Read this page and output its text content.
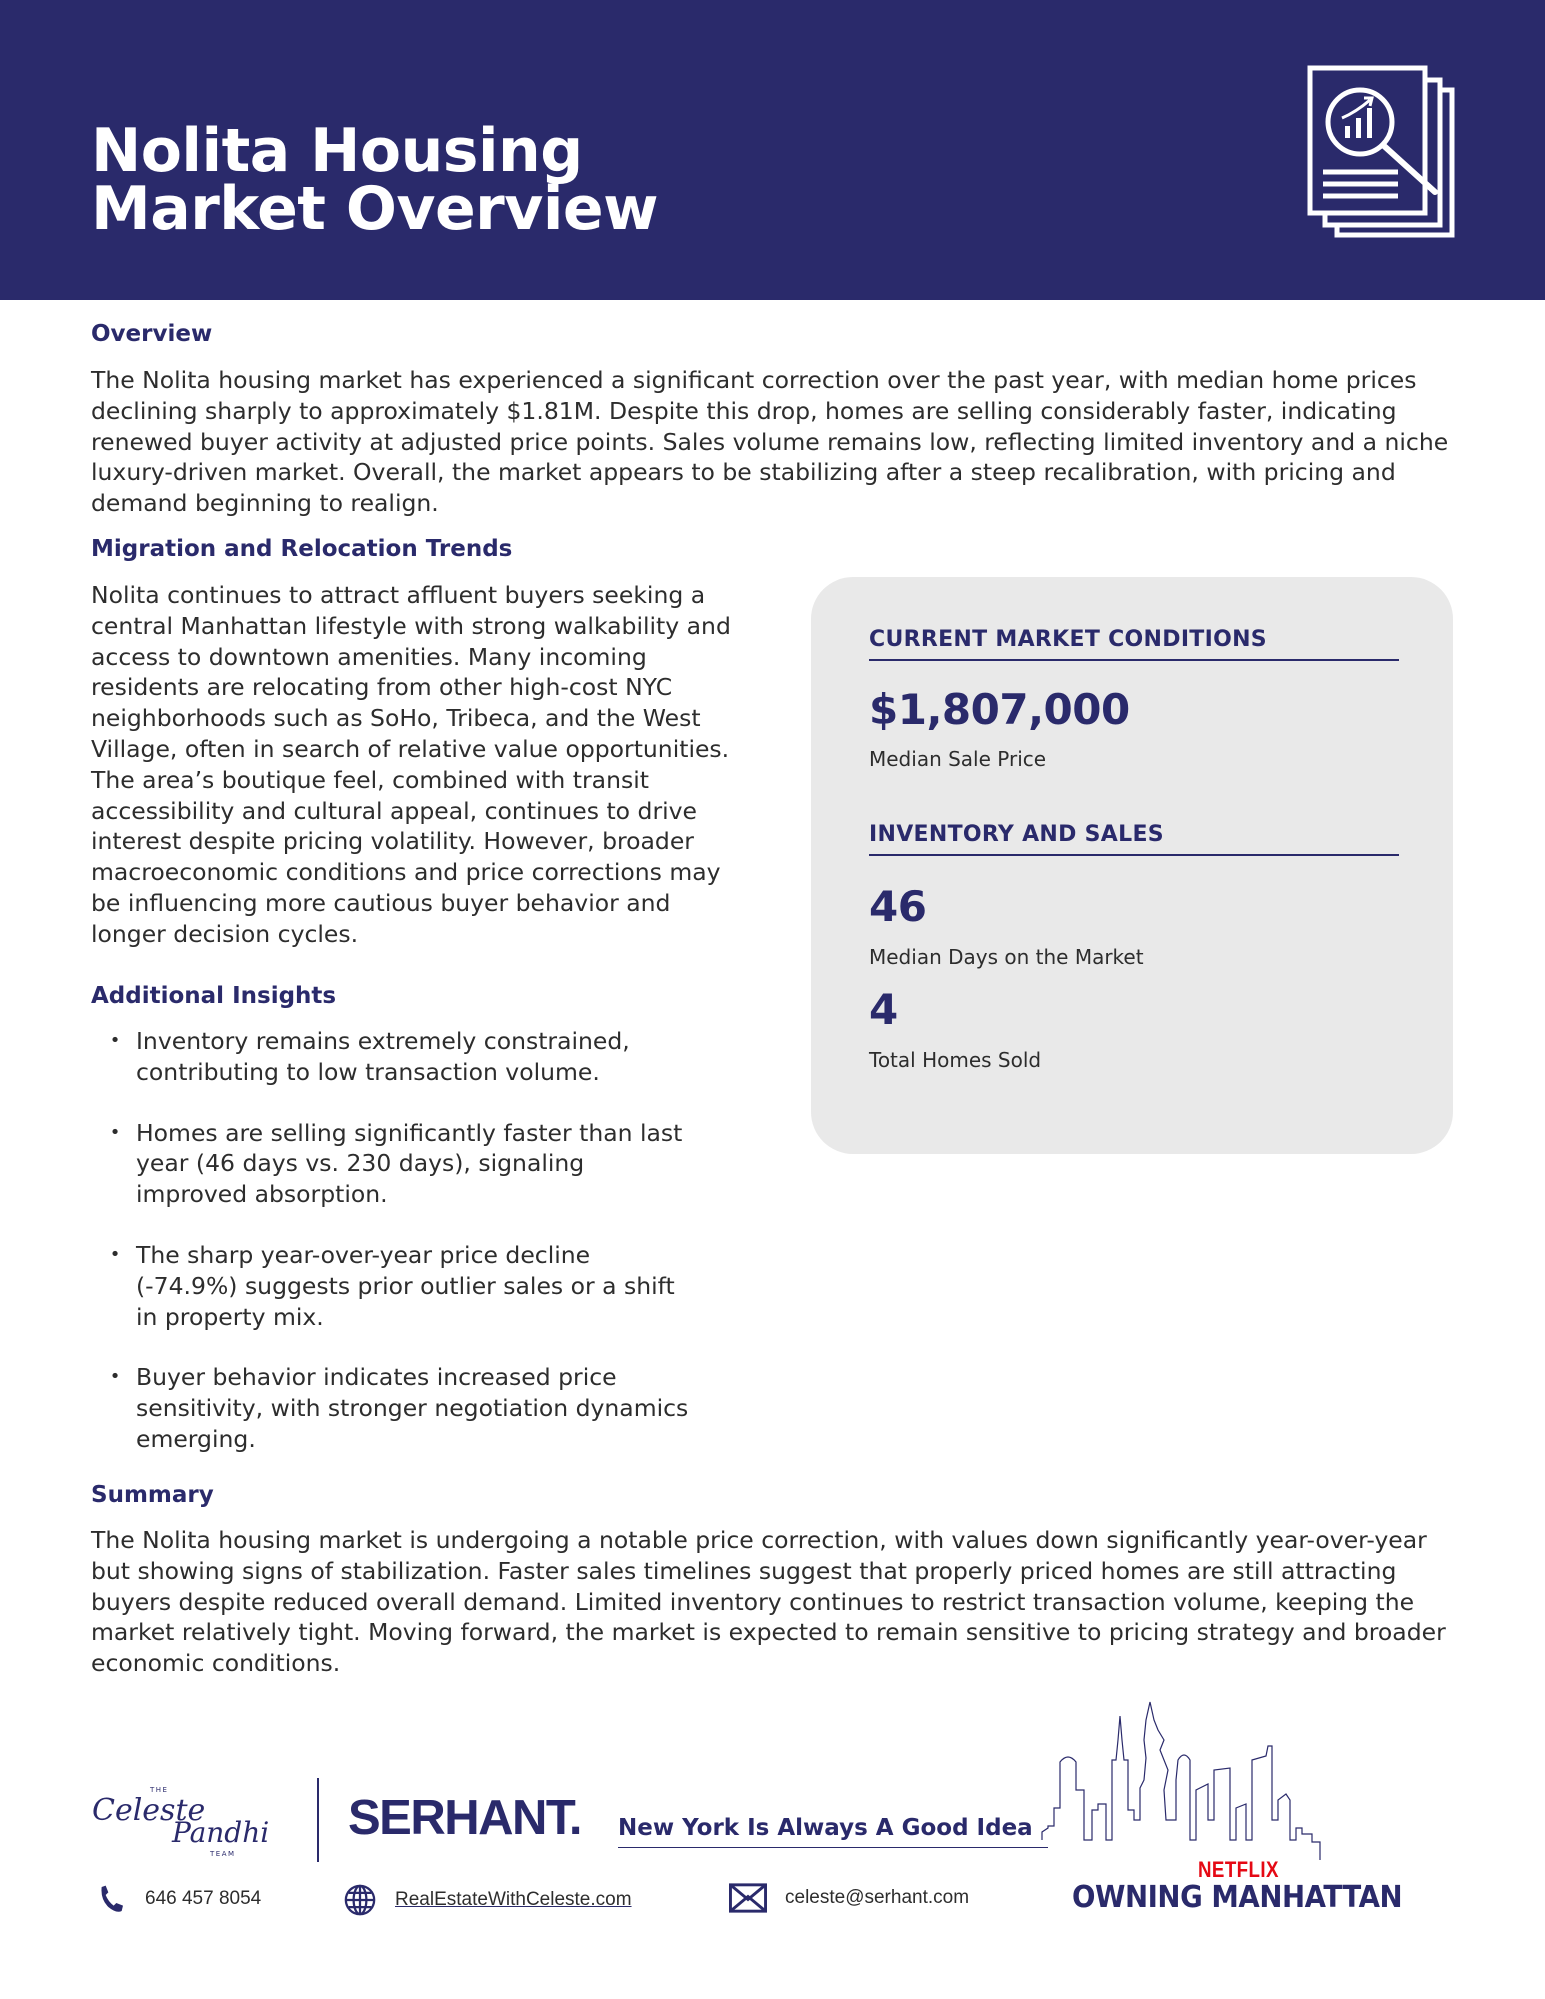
Nolita Housing
Market Overview
Overview

The Nolita housing market has experienced a significant correction over the past year, with median home prices declining sharply to approximately $1.81M. Despite this drop, homes are selling considerably faster, indicating renewed buyer activity at adjusted price points. Sales volume remains low, reflecting limited inventory and a niche luxury-driven market. Overall, the market appears to be stabilizing after a steep recalibration, with pricing and demand beginning to realign.

Migration and Relocation Trends

Nolita continues to attract affluent buyers seeking a central Manhattan lifestyle with strong walkability and access to downtown amenities. Many incoming residents are relocating from other high-cost NYC neighborhoods such as SoHo, Tribeca, and the West Village, often in search of relative value opportunities. The area’s boutique feel, combined with transit accessibility and cultural appeal, continues to drive interest despite pricing volatility. However, broader macroeconomic conditions and price corrections may be influencing more cautious buyer behavior and longer decision cycles.

Additional Insights
• Inventory remains extremely constrained, contributing to low transaction volume.
• Homes are selling significantly faster than last year (46 days vs. 230 days), signaling improved absorption.
• The sharp year-over-year price decline (-74.9%) suggests prior outlier sales or a shift in property mix.
• Buyer behavior indicates increased price sensitivity, with stronger negotiation dynamics emerging.
CURRENT MARKET CONDITIONS
$1,807,000
Median Sale Price
INVENTORY AND SALES
46
Median Days on the Market
4
Total Homes Sold
Summary

The Nolita housing market is undergoing a notable price correction, with values down significantly year-over-year but showing signs of stabilization. Faster sales timelines suggest that properly priced homes are still attracting buyers despite reduced overall demand. Limited inventory continues to restrict transaction volume, keeping the market relatively tight. Moving forward, the market is expected to remain sensitive to pricing strategy and broader economic conditions.

THE
Celeste
Pandhi
TEAM
SERHANT. New York Is Always A Good Idea
646 457 8054	RealEstateWithCeleste.com	celeste@serhant.com
NETFLIX
OWNING MANHATTAN
